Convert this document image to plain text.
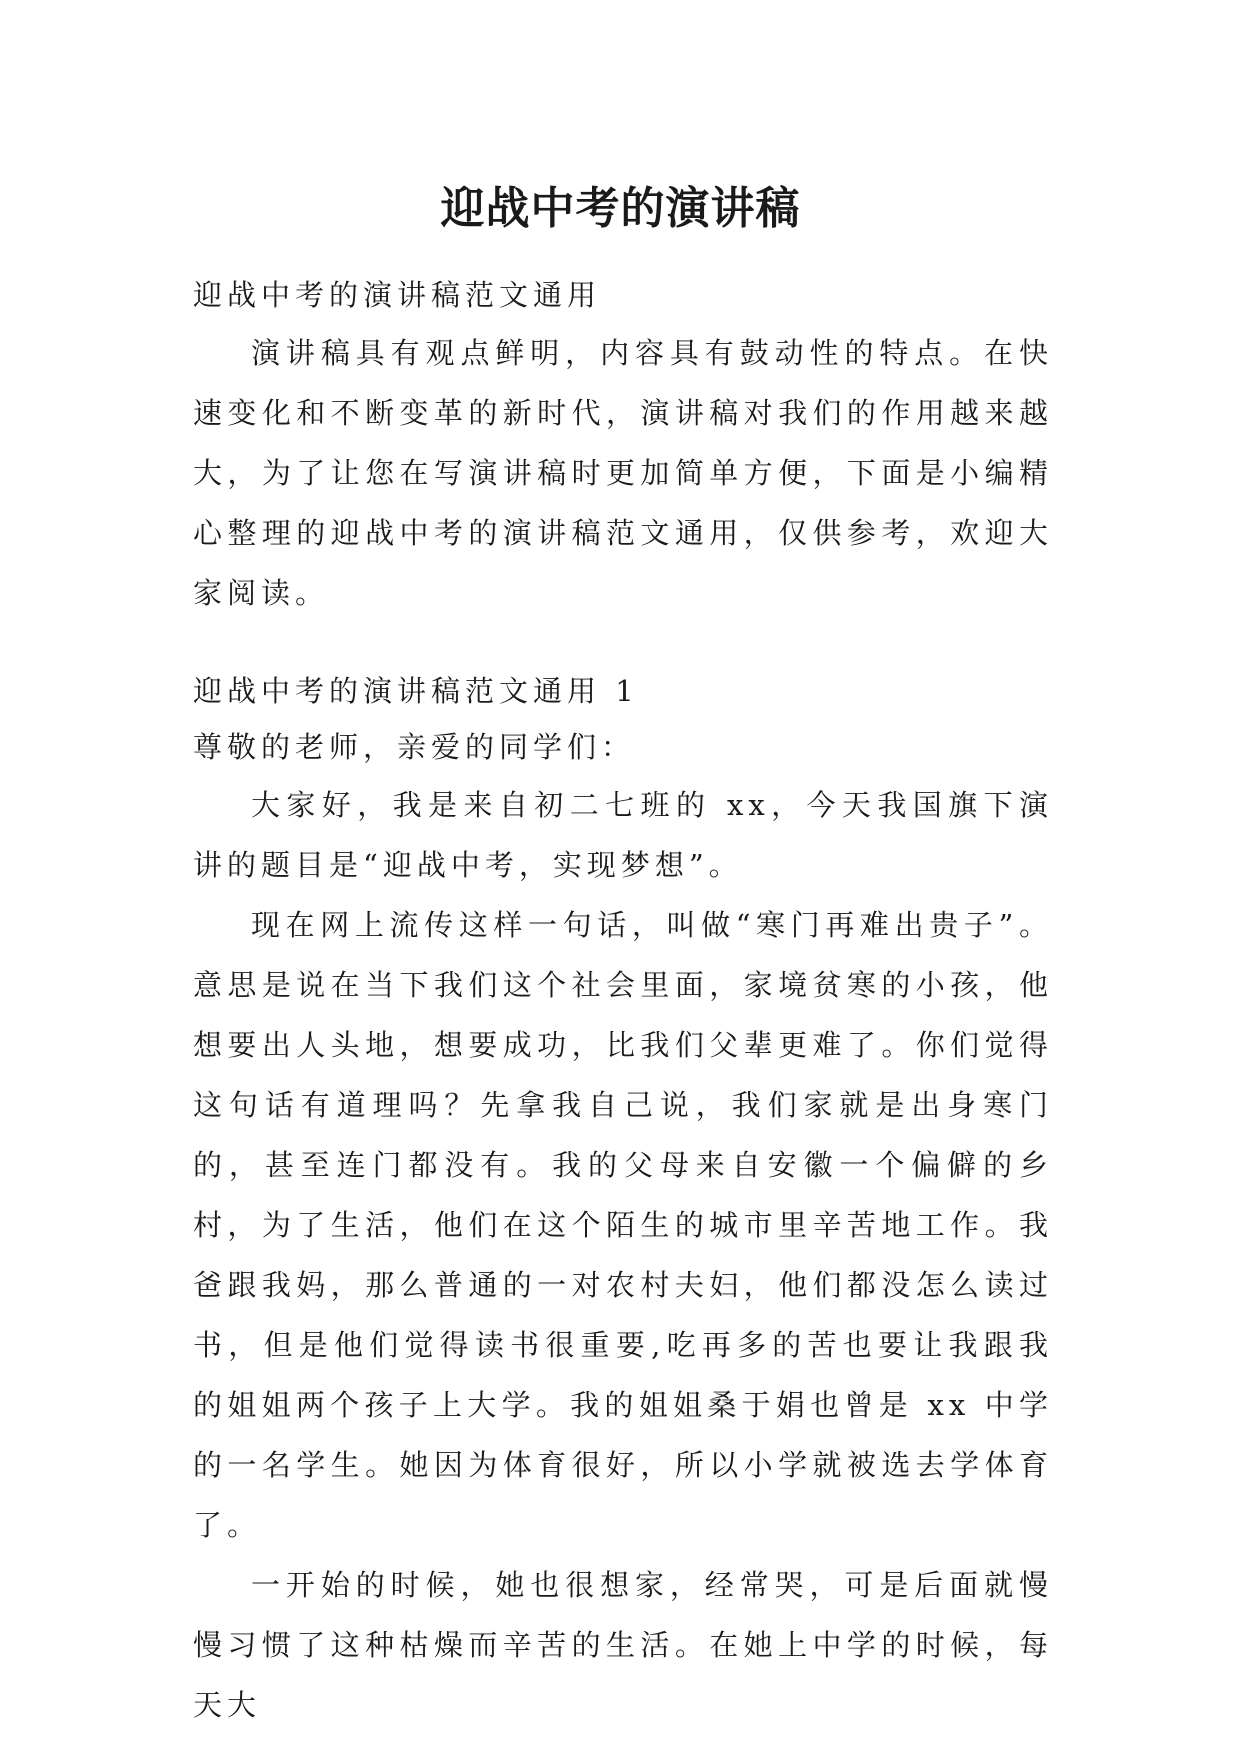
迎战中考的演讲稿

迎战中考的演讲稿范文通用

演讲稿具有观点鲜明，内容具有鼓动性的特点。在快速变化和不断变革的新时代，演讲稿对我们的作用越来越大，为了让您在写演讲稿时更加简单方便，下面是小编精心整理的迎战中考的演讲稿范文通用，仅供参考，欢迎大家阅读。

迎战中考的演讲稿范文通用 1

尊敬的老师，亲爱的同学们：

大家好，我是来自初二七班的 xx，今天我国旗下演讲的题目是“迎战中考，实现梦想”。

现在网上流传这样一句话，叫做“寒门再难出贵子”。意思是说在当下我们这个社会里面，家境贫寒的小孩，他想要出人头地，想要成功，比我们父辈更难了。你们觉得这句话有道理吗？先拿我自己说，我们家就是出身寒门的，甚至连门都没有。我的父母来自安徽一个偏僻的乡村，为了生活，他们在这个陌生的城市里辛苦地工作。我爸跟我妈，那么普通的一对农村夫妇，他们都没怎么读过书，但是他们觉得读书很重要,吃再多的苦也要让我跟我的姐姐两个孩子上大学。我的姐姐桑于娟也曾是 xx 中学的一名学生。她因为体育很好，所以小学就被选去学体育了。

一开始的时候，她也很想家，经常哭，可是后面就慢慢习惯了这种枯燥而辛苦的生活。在她上中学的时候，每天大
